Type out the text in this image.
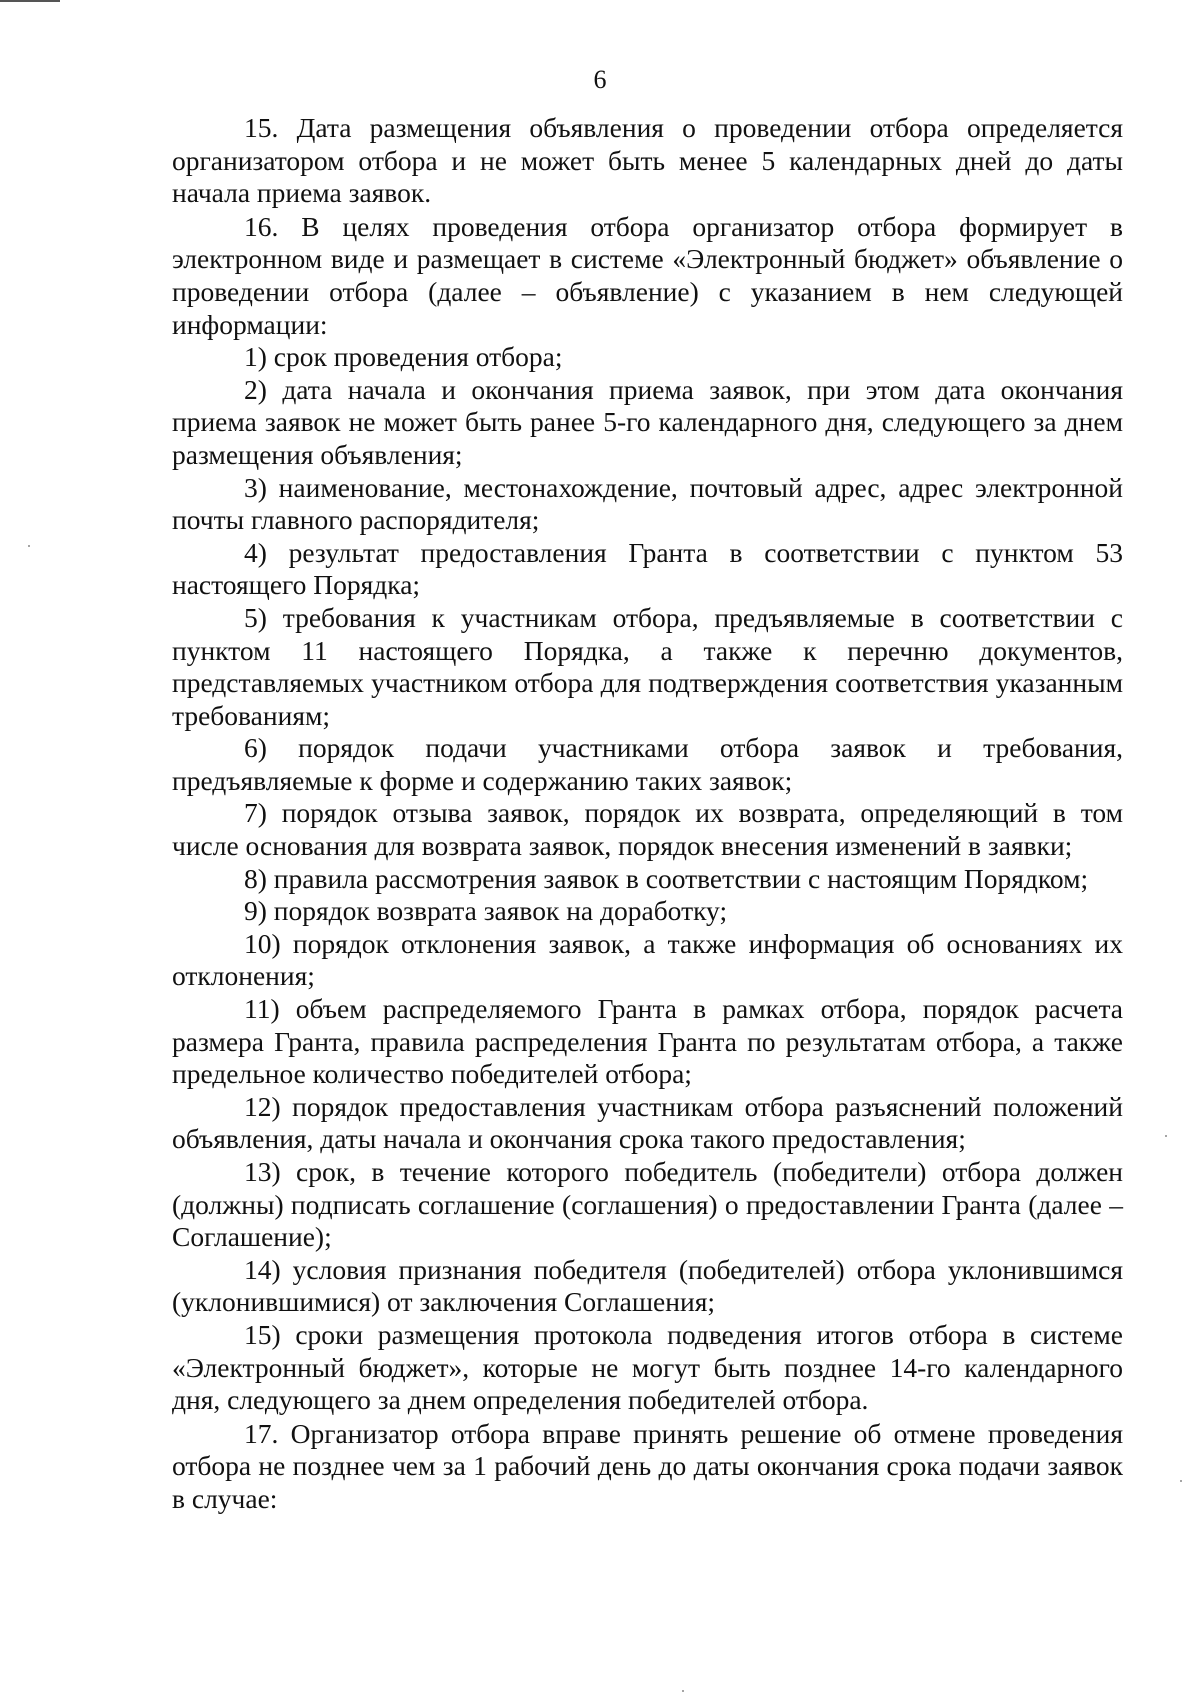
6

15. Дата размещения объявления о проведении отбора определяется организатором отбора и не может быть менее 5 календарных дней до даты начала приема заявок.

16. В целях проведения отбора организатор отбора формирует в электронном виде и размещает в системе «Электронный бюджет» объявление о проведении отбора (далее – объявление) с указанием в нем следующей информации:

1) срок проведения отбора;

2) дата начала и окончания приема заявок, при этом дата окончания приема заявок не может быть ранее 5-го календарного дня, следующего за днем размещения объявления;

3) наименование, местонахождение, почтовый адрес, адрес электронной почты главного распорядителя;

4) результат предоставления Гранта в соответствии с пунктом 53 настоящего Порядка;

5) требования к участникам отбора, предъявляемые в соответствии с пунктом 11 настоящего Порядка, а также к перечню документов, представляемых участником отбора для подтверждения соответствия указанным требованиям;

6) порядок подачи участниками отбора заявок и требования, предъявляемые к форме и содержанию таких заявок;

7) порядок отзыва заявок, порядок их возврата, определяющий в том числе основания для возврата заявок, порядок внесения изменений в заявки;

8) правила рассмотрения заявок в соответствии с настоящим Порядком;

9) порядок возврата заявок на доработку;

10) порядок отклонения заявок, а также информация об основаниях их отклонения;

11) объем распределяемого Гранта в рамках отбора, порядок расчета размера Гранта, правила распределения Гранта по результатам отбора, а также предельное количество победителей отбора;

12) порядок предоставления участникам отбора разъяснений положений объявления, даты начала и окончания срока такого предоставления;

13) срок, в течение которого победитель (победители) отбора должен (должны) подписать соглашение (соглашения) о предоставлении Гранта (далее – Соглашение);

14) условия признания победителя (победителей) отбора уклонившимся (уклонившимися) от заключения Соглашения;

15) сроки размещения протокола подведения итогов отбора в системе «Электронный бюджет», которые не могут быть позднее 14-го календарного дня, следующего за днем определения победителей отбора.

17. Организатор отбора вправе принять решение об отмене проведения отбора не позднее чем за 1 рабочий день до даты окончания срока подачи заявок в случае:
